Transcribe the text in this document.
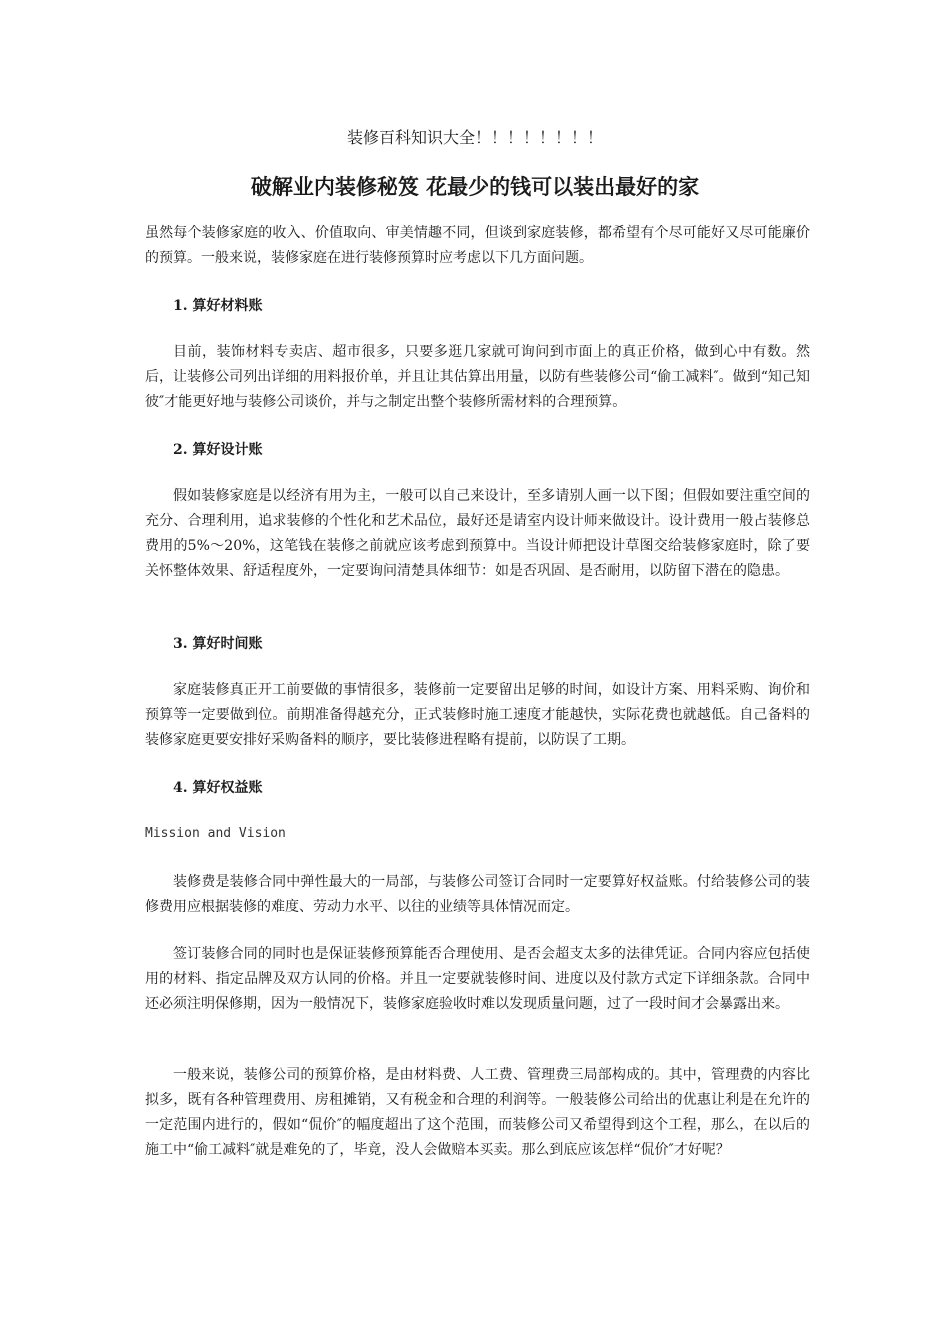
装修百科知识大全！！！！！！！！
破解业内装修秘笈 花最少的钱可以装出最好的家

虽然每个装修家庭的收入、价值取向、审美情趣不同，但谈到家庭装修，都希望有个尽可能好又尽可能廉价的预算。一般来说，装修家庭在进行装修预算时应考虑以下几方面问题。

1. 算好材料账

目前，装饰材料专卖店、超市很多，只要多逛几家就可询问到市面上的真正价格，做到心中有数。然后，让装修公司列出详细的用料报价单，并且让其估算出用量，以防有些装修公司“偷工减料″。做到“知己知彼″才能更好地与装修公司谈价，并与之制定出整个装修所需材料的合理预算。

2. 算好设计账

假如装修家庭是以经济有用为主，一般可以自己来设计，至多请别人画一以下图；但假如要注重空间的充分、合理利用，追求装修的个性化和艺术品位，最好还是请室内设计师来做设计。设计费用一般占装修总费用的5%～20%，这笔钱在装修之前就应该考虑到预算中。当设计师把设计草图交给装修家庭时，除了要关怀整体效果、舒适程度外，一定要询问清楚具体细节：如是否巩固、是否耐用，以防留下潜在的隐患。

3. 算好时间账

家庭装修真正开工前要做的事情很多，装修前一定要留出足够的时间，如设计方案、用料采购、询价和预算等一定要做到位。前期准备得越充分，正式装修时施工速度才能越快，实际花费也就越低。自己备料的装修家庭更要安排好采购备料的顺序，要比装修进程略有提前，以防误了工期。

4. 算好权益账
Mission and Vision

装修费是装修合同中弹性最大的一局部，与装修公司签订合同时一定要算好权益账。付给装修公司的装修费用应根据装修的难度、劳动力水平、以往的业绩等具体情况而定。

签订装修合同的同时也是保证装修预算能否合理使用、是否会超支太多的法律凭证。合同内容应包括使用的材料、指定品牌及双方认同的价格。并且一定要就装修时间、进度以及付款方式定下详细条款。合同中还必须注明保修期，因为一般情况下，装修家庭验收时难以发现质量问题，过了一段时间才会暴露出来。

一般来说，装修公司的预算价格，是由材料费、人工费、管理费三局部构成的。其中，管理费的内容比拟多，既有各种管理费用、房租摊销，又有税金和合理的利润等。一般装修公司给出的优惠让利是在允许的一定范围内进行的，假如“侃价″的幅度超出了这个范围，而装修公司又希望得到这个工程，那么，在以后的施工中“偷工减料″就是难免的了，毕竟，没人会做赔本买卖。那么到底应该怎样“侃价″才好呢？
